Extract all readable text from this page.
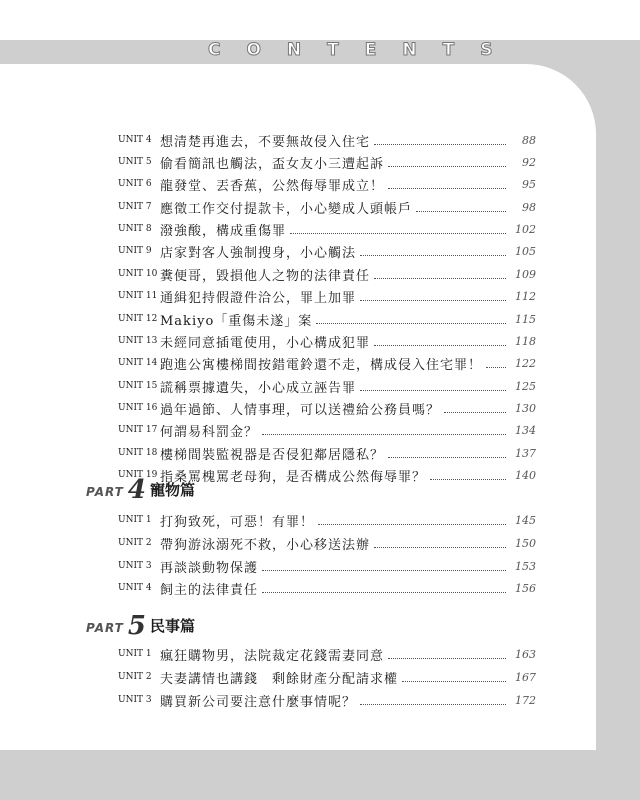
CONTENTS
UNIT 4 想清楚再進去，不要無故侵入住宅	88
UNIT 5 偷看簡訊也觸法，盃女友小三遭起訴	92
UNIT 6 龍發堂、丟香蕉，公然侮辱罪成立！	95
UNIT 7 應徵工作交付提款卡，小心變成人頭帳戶	98
UNIT 8 潑強酸，構成重傷罪	102
UNIT 9 店家對客人強制搜身，小心觸法	105
UNIT 10 糞便哥，毀損他人之物的法律責任	109
UNIT 11 通緝犯持假證件洽公，罪上加罪	112
UNIT 12 Makiyo「重傷未遂」案	115
UNIT 13 未經同意插電使用，小心構成犯罪	118
UNIT 14 跑進公寓樓梯間按錯電鈴還不走，構成侵入住宅罪！	122
UNIT 15 謊稱票據遺失，小心成立誣告罪	125
UNIT 16 過年過節、人情事理，可以送禮給公務員嗎？	130
UNIT 17 何謂易科罰金？	134
UNIT 18 樓梯間裝監視器是否侵犯鄰居隱私？	137
UNIT 19 指桑罵槐罵老母狗，是否構成公然侮辱罪？	140
PART 4 寵物篇
UNIT 1 打狗致死，可惡！有罪！	145
UNIT 2 帶狗游泳溺死不救，小心移送法辦	150
UNIT 3 再談談動物保護	153
UNIT 4 飼主的法律責任	156
PART 5 民事篇
UNIT 1 瘋狂購物男，法院裁定花錢需妻同意	163
UNIT 2 夫妻講情也講錢　剩餘財產分配請求權	167
UNIT 3 購買新公司要注意什麼事情呢？	172
